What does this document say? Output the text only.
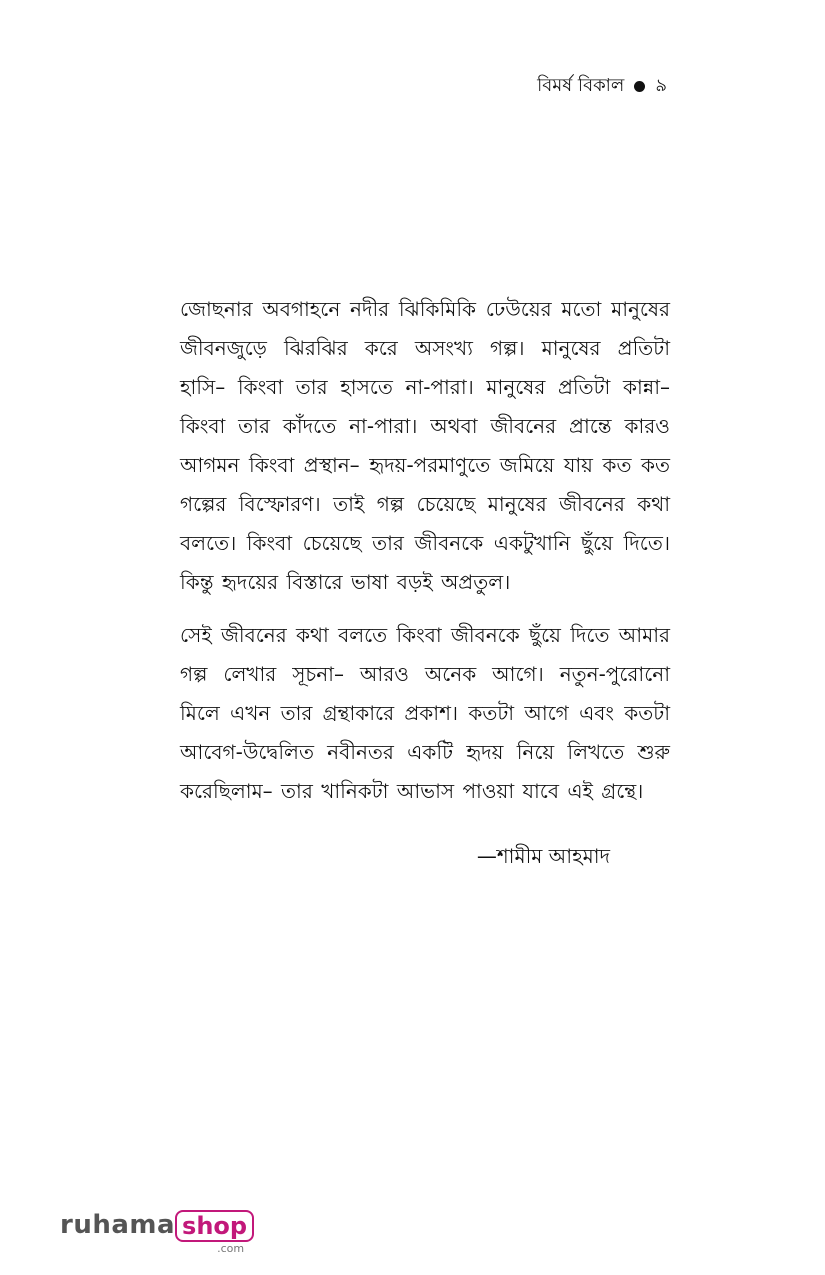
বিমর্ষ বিকাল ৯

জোছনার অবগাহনে নদীর ঝিকিমিকি ঢেউয়ের মতো মানুষের জীবনজুড়ে ঝিরঝির করে অসংখ্য গল্প। মানুষের প্রতিটা হাসি– কিংবা তার হাসতে না-পারা। মানুষের প্রতিটা কান্না– কিংবা তার কাঁদতে না-পারা। অথবা জীবনের প্রান্তে কারও আগমন কিংবা প্রস্থান– হৃদয়-পরমাণুতে জমিয়ে যায় কত কত গল্পের বিস্ফোরণ। তাই গল্প চেয়েছে মানুষের জীবনের কথা বলতে। কিংবা চেয়েছে তার জীবনকে একটুখানি ছুঁয়ে দিতে। কিন্তু হৃদয়ের বিস্তারে ভাষা বড়ই অপ্রতুল।

সেই জীবনের কথা বলতে কিংবা জীবনকে ছুঁয়ে দিতে আমার গল্প লেখার সূচনা– আরও অনেক আগে। নতুন-পুরোনো মিলে এখন তার গ্রন্থাকারে প্রকাশ। কতটা আগে এবং কতটা আবেগ-উদ্বেলিত নবীনতর একটি হৃদয় নিয়ে লিখতে শুরু করেছিলাম– তার খানিকটা আভাস পাওয়া যাবে এই গ্রন্থে।

—শামীম আহমাদ
ruhama shop
.com
